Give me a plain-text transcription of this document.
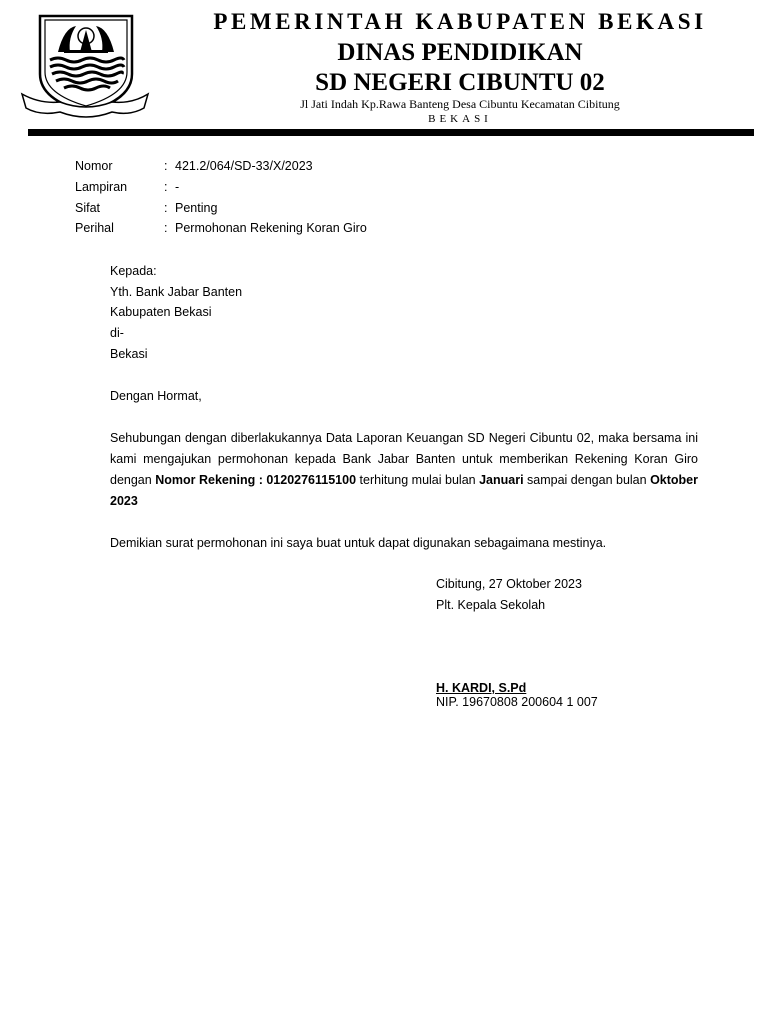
PEMERINTAH KABUPATEN BEKASI
DINAS PENDIDIKAN
SD NEGERI CIBUNTU 02
Jl Jati Indah Kp.Rawa Banteng Desa Cibuntu Kecamatan Cibitung
BEKASI
Nomor	: 421.2/064/SD-33/X/2023
Lampiran	: -
Sifat	: Penting
Perihal	: Permohonan Rekening Koran Giro
Kepada:
Yth. Bank Jabar Banten
Kabupaten Bekasi
di-
Bekasi
Dengan Hormat,
Sehubungan dengan diberlakukannya Data Laporan Keuangan SD Negeri Cibuntu 02, maka bersama ini kami mengajukan permohonan kepada Bank Jabar Banten untuk memberikan Rekening Koran Giro dengan Nomor Rekening : 0120276115100 terhitung mulai bulan Januari sampai dengan bulan Oktober 2023
Demikian surat permohonan ini saya buat untuk dapat digunakan sebagaimana mestinya.
Cibitung, 27 Oktober 2023
Plt. Kepala Sekolah
H. KARDI, S.Pd
NIP. 19670808 200604 1 007
